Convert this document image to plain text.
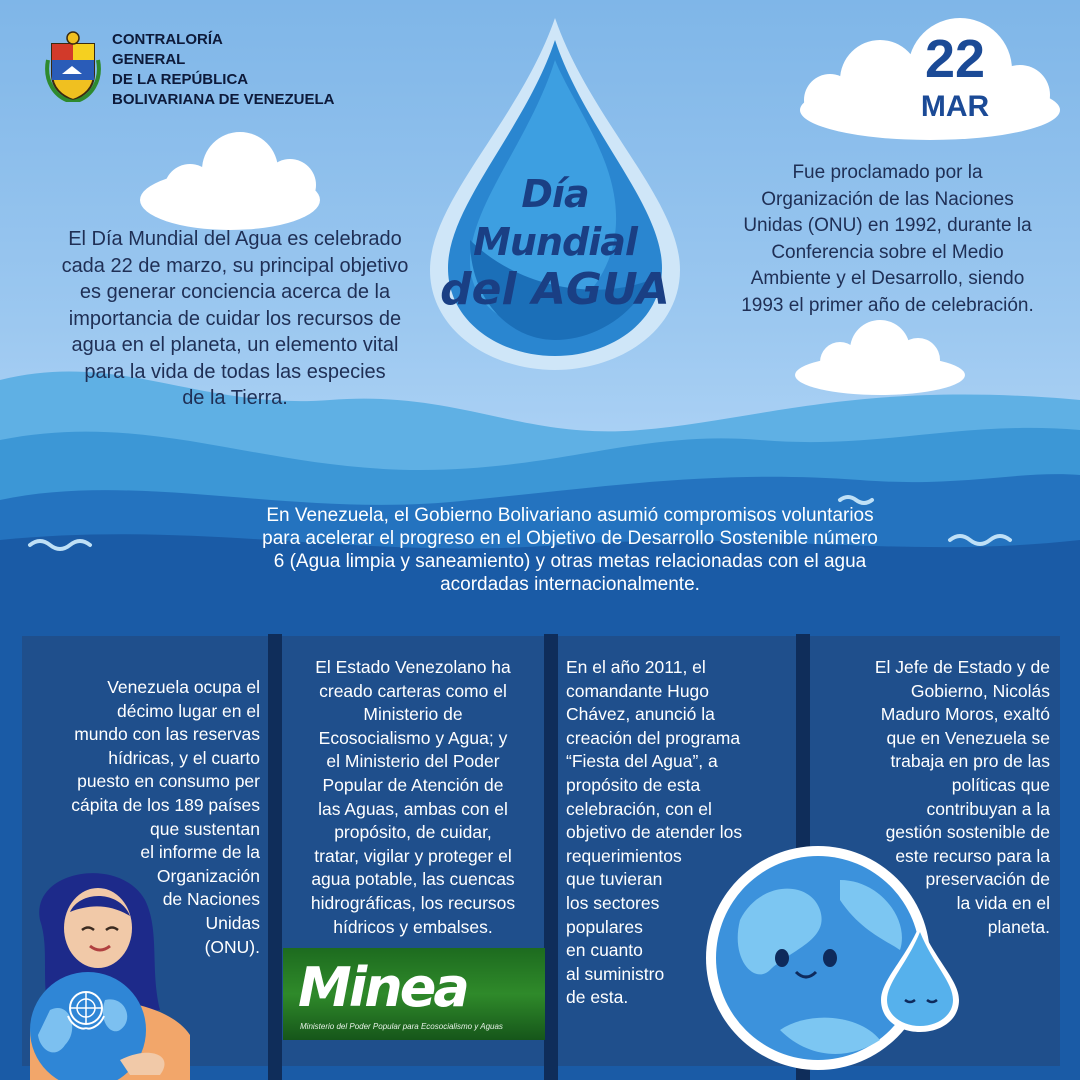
CONTRALORÍA
GENERAL
DE LA REPÚBLICA
BOLIVARIANA DE VENEZUELA
22
MAR
Día Mundial
del AGUA
El Día Mundial del Agua es celebrado
cada 22 de marzo, su principal objetivo
es generar conciencia acerca de la
importancia de cuidar los recursos de
agua en el planeta, un elemento vital
para la vida de todas las especies
de la Tierra.
Fue proclamado por la
Organización de las Naciones
Unidas (ONU) en 1992, durante la
Conferencia sobre el Medio
Ambiente y el Desarrollo, siendo
1993 el primer año de celebración.
En Venezuela, el Gobierno Bolivariano asumió compromisos voluntarios
para acelerar el progreso en el Objetivo de Desarrollo Sostenible número
6 (Agua limpia y saneamiento) y otras metas relacionadas con el agua
acordadas internacionalmente.
Venezuela ocupa el
décimo lugar en el
mundo con las reservas
hídricas, y el cuarto
puesto en consumo per
cápita de los 189 países
que sustentan
el informe de la
Organización
de Naciones
Unidas
(ONU).
El Estado Venezolano ha
creado carteras como el
Ministerio de
Ecosocialismo y Agua; y
el Ministerio del Poder
Popular de Atención de
las Aguas, ambas con el
propósito, de cuidar,
tratar, vigilar y proteger el
agua potable, las cuencas
hidrográficas, los recursos
hídricos y embalses.
En el año 2011, el
comandante Hugo
Chávez, anunció la
creación del programa
“Fiesta del Agua”, a
propósito de esta
celebración, con el
objetivo de atender los
requerimientos
que tuvieran
los sectores
populares
en cuanto
al suministro
de esta.
El Jefe de Estado y de
Gobierno, Nicolás
Maduro Moros, exaltó
que en Venezuela se
trabaja en pro de las
políticas que
contribuyan a la
gestión sostenible de
este recurso para la
preservación de
la vida en el
planeta.
Minea
Ministerio del Poder Popular para Ecosocialismo y Aguas
